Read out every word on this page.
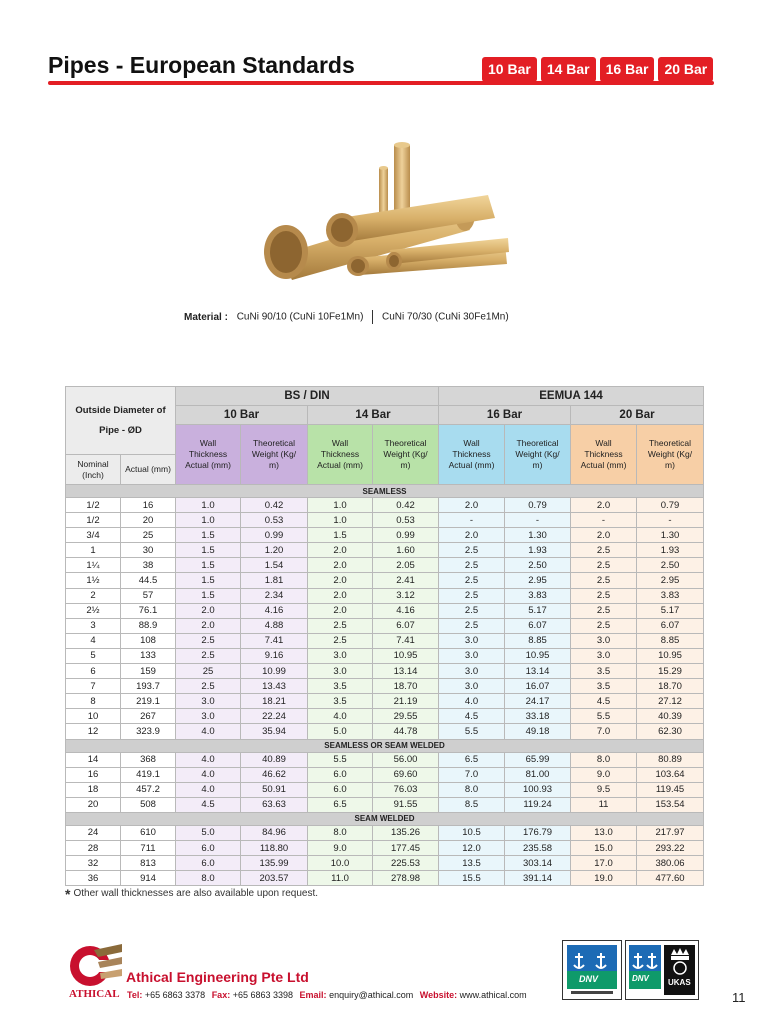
Pipes - European Standards	10 Bar	14 Bar	16 Bar	20 Bar
Material : CuNi 90/10 (CuNi 10Fe1Mn) CuNi 70/30 (CuNi 30Fe1Mn)
Outside Diameter of Pipe - ØD		BS / DIN				EEMUA 144			
		10 Bar		14 Bar		16 Bar		20 Bar	
		Wall Thickness Actual (mm)	Theoretical Weight (Kg/ m)	Wall Thickness Actual (mm)	Theoretical Weight (Kg/ m)	Wall Thickness Actual (mm)	Theoretical Weight (Kg/ m)	Wall Thickness Actual (mm)	Theoretical Weight (Kg/ m)
Nominal (Inch)	Actual (mm)								
SEAMLESS									
1/2	16	1.0	0.42	1.0	0.42	2.0	0.79	2.0	0.79
1/2	20	1.0	0.53	1.0	0.53	-	-	-	-
3/4	25	1.5	0.99	1.5	0.99	2.0	1.30	2.0	1.30
1	30	1.5	1.20	2.0	1.60	2.5	1.93	2.5	1.93
1¼	38	1.5	1.54	2.0	2.05	2.5	2.50	2.5	2.50
1½	44.5	1.5	1.81	2.0	2.41	2.5	2.95	2.5	2.95
2	57	1.5	2.34	2.0	3.12	2.5	3.83	2.5	3.83
2½	76.1	2.0	4.16	2.0	4.16	2.5	5.17	2.5	5.17
3	88.9	2.0	4.88	2.5	6.07	2.5	6.07	2.5	6.07
4	108	2.5	7.41	2.5	7.41	3.0	8.85	3.0	8.85
5	133	2.5	9.16	3.0	10.95	3.0	10.95	3.0	10.95
6	159	25	10.99	3.0	13.14	3.0	13.14	3.5	15.29
7	193.7	2.5	13.43	3.5	18.70	3.0	16.07	3.5	18.70
8	219.1	3.0	18.21	3.5	21.19	4.0	24.17	4.5	27.12
10	267	3.0	22.24	4.0	29.55	4.5	33.18	5.5	40.39
12	323.9	4.0	35.94	5.0	44.78	5.5	49.18	7.0	62.30
SEAMLESS OR SEAM WELDED									
14	368	4.0	40.89	5.5	56.00	6.5	65.99	8.0	80.89
16	419.1	4.0	46.62	6.0	69.60	7.0	81.00	9.0	103.64
18	457.2	4.0	50.91	6.0	76.03	8.0	100.93	9.5	119.45
20	508	4.5	63.63	6.5	91.55	8.5	119.24	11	153.54
SEAM WELDED									
24	610	5.0	84.96	8.0	135.26	10.5	176.79	13.0	217.97
28	711	6.0	118.80	9.0	177.45	12.0	235.58	15.0	293.22
32	813	6.0	135.99	10.0	225.53	13.5	303.14	17.0	380.06
36	914	8.0	203.57	11.0	278.98	15.5	391.14	19.0	477.60
* Other wall thicknesses are also available upon request.
ATHICAL
Athical Engineering Pte Ltd
Tel: +65 6863 3378 Fax: +65 6863 3398 Email: enquiry@athical.com Website: www.athical.com
DNV	DNV UKAS
11
